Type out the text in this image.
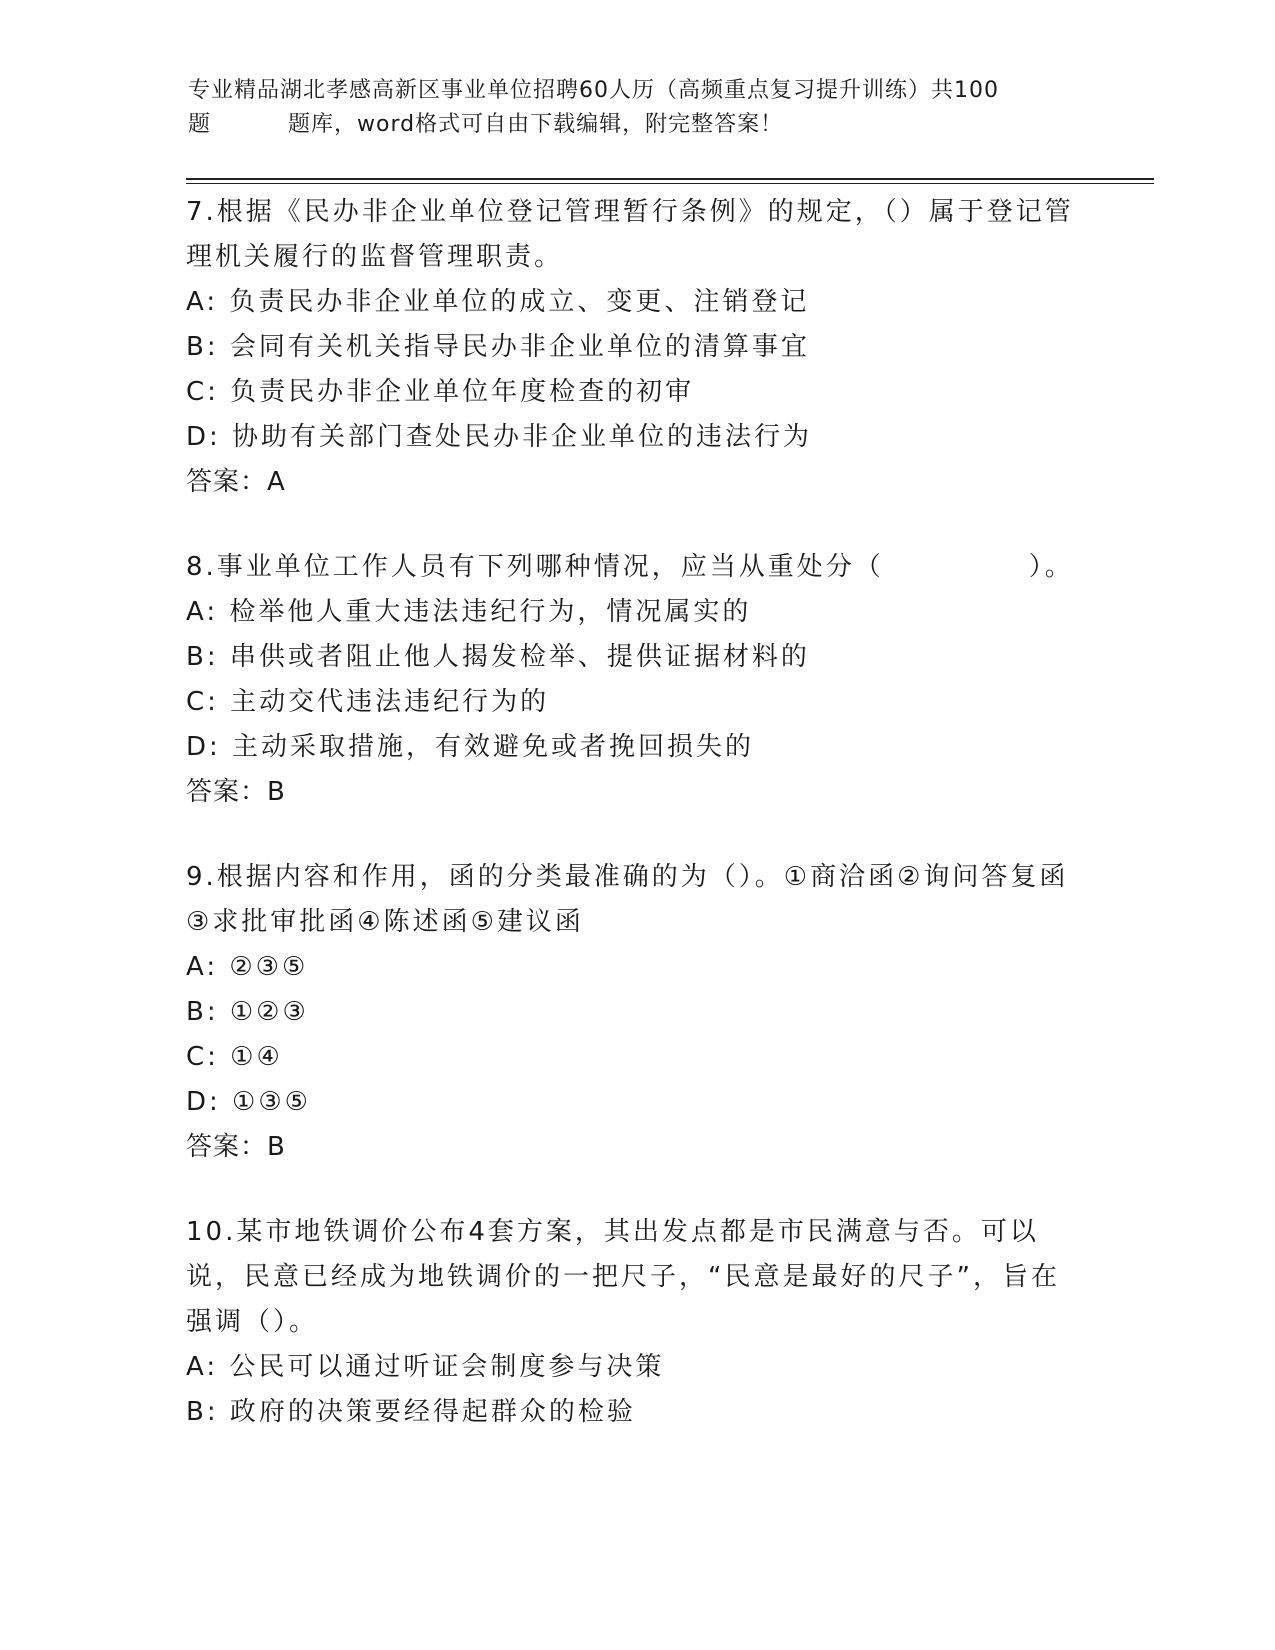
专业精品湖北孝感高新区事业单位招聘60人历（高频重点复习提升训练）共100
题	题库，word格式可自由下载编辑，附完整答案！

7.根据《民办非企业单位登记管理暂行条例》的规定，（）属于登记管理机关履行的监督管理职责。

A: 负责民办非企业单位的成立、变更、注销登记

B: 会同有关机关指导民办非企业单位的清算事宜

C: 负责民办非企业单位年度检查的初审

D: 协助有关部门查处民办非企业单位的违法行为

答案：A

8.事业单位工作人员有下列哪种情况，应当从重处分（　　　　　）。

A: 检举他人重大违法违纪行为，情况属实的

B: 串供或者阻止他人揭发检举、提供证据材料的

C: 主动交代违法违纪行为的

D: 主动采取措施，有效避免或者挽回损失的

答案：B

9.根据内容和作用，函的分类最准确的为（）。①商洽函②询问答复函③求批审批函④陈述函⑤建议函

A: ②③⑤

B: ①②③

C: ①④

D: ①③⑤

答案：B

10.某市地铁调价公布4套方案，其出发点都是市民满意与否。可以说，民意已经成为地铁调价的一把尺子，“民意是最好的尺子”，旨在强调（）。

A: 公民可以通过听证会制度参与决策

B: 政府的决策要经得起群众的检验
